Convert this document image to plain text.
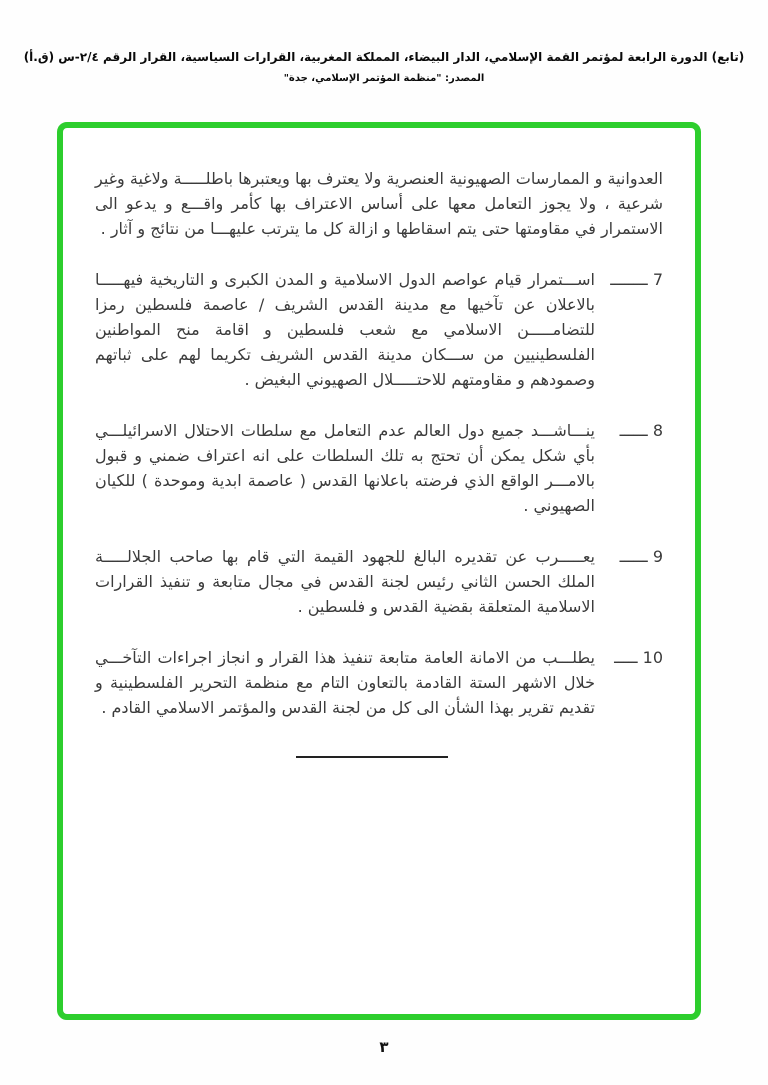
(تابع) الدورة الرابعة لمؤتمر القمة الإسلامي، الدار البيضاء، المملكة المغربية، القرارات السياسية، القرار الرقم ٢/٤-س (ق.أ)
المصدر: "منظمة المؤتمر الإسلامي، جدة"

العدوانية و الممارسات الصهيونية العنصرية ولا يعترف بها ويعتبرها باطلـــــة ولاغية وغير شرعية ، ولا يجوز التعامل معها على أساس الاعتراف بها كأمر واقـــع و يدعو الى الاستمرار في مقاومتها حتى يتم اسقاطها و ازالة كل ما يترتب عليهـــا من نتائج و آثار .

7 ــــــــ
اســـتمرار قيام عواصم الدول الاسلامية و المدن الكبرى و التاريخية فيهـــــا بالاعلان عن تآخيها مع مدينة القدس الشريف / عاصمة فلسطين رمزا للتضامـــــن الاسلامي مع شعب فلسطين و اقامة منح المواطنين الفلسطينيين من ســـكان مدينة القدس الشريف تكريما لهم على ثباتهم وصمودهم و مقاومتهم للاحتـــــلال الصهيوني البغيض .
8 ــــــ
ينـــاشـــد جميع دول العالم عدم التعامل مع سلطات الاحتلال الاسرائيلـــي بأي شكل يمكن أن تحتج به تلك السلطات على انه اعتراف ضمني و قبول بالامـــر الواقع الذي فرضته باعلانها القدس ( عاصمة ابدية وموحدة ) للكيان الصهيوني .
9 ــــــ
يعـــــرب عن تقديره البالغ للجهود القيمة التي قام بها صاحب الجلالـــــة الملك الحسن الثاني رئيس لجنة القدس في مجال متابعة و تنفيذ القرارات الاسلامية المتعلقة بقضية القدس و فلسطين .
10 ـــــ
يطلـــب من الامانة العامة متابعة تنفيذ هذا القرار و انجاز اجراءات التآخـــي خلال الاشهر الستة القادمة بالتعاون التام مع منظمة التحرير الفلسطينية و تقديم تقرير بهذا الشأن الى كل من لجنة القدس والمؤتمر الاسلامي القادم .
٣
